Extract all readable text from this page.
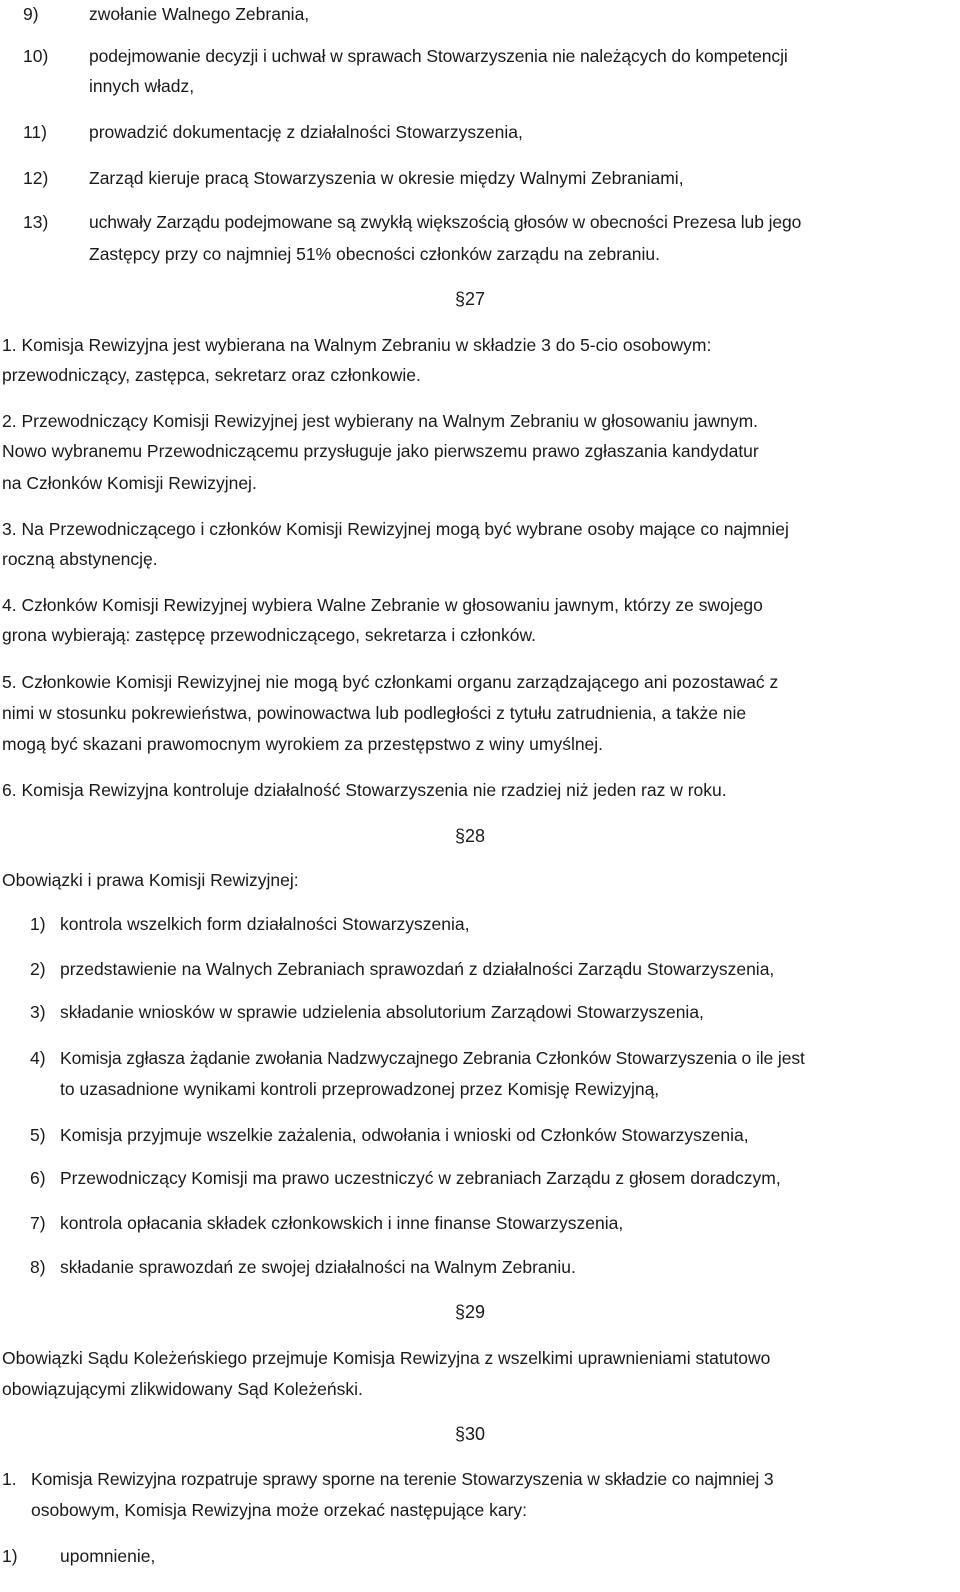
9)	zwołanie Walnego Zebrania,
10) podejmowanie decyzji i uchwał w sprawach Stowarzyszenia nie należących do kompetencji
innych władz,
11) prowadzić dokumentację z działalności Stowarzyszenia,
12) Zarząd kieruje pracą Stowarzyszenia w okresie między Walnymi Zebraniami,
13) uchwały Zarządu podejmowane są zwykłą większością głosów w obecności Prezesa lub jego
Zastępcy przy co najmniej 51% obecności członków zarządu na zebraniu.
§27
1. Komisja Rewizyjna jest wybierana na Walnym Zebraniu w składzie 3 do 5-cio osobowym:
przewodniczący, zastępca, sekretarz oraz członkowie.
2. Przewodniczący Komisji Rewizyjnej jest wybierany na Walnym Zebraniu w głosowaniu jawnym.
Nowo wybranemu Przewodniczącemu przysługuje jako pierwszemu prawo zgłaszania kandydatur
na Członków Komisji Rewizyjnej.
3. Na Przewodniczącego i członków Komisji Rewizyjnej mogą być wybrane osoby mające co najmniej
roczną abstynencję.
4. Członków Komisji Rewizyjnej wybiera Walne Zebranie w głosowaniu jawnym, którzy ze swojego
grona wybierają: zastępcę przewodniczącego, sekretarza i członków.
5. Członkowie Komisji Rewizyjnej nie mogą być członkami organu zarządzającego ani pozostawać z
nimi w stosunku pokrewieństwa, powinowactwa lub podległości z tytułu zatrudnienia, a także nie
mogą być skazani prawomocnym wyrokiem za przestępstwo z winy umyślnej.
6. Komisja Rewizyjna kontroluje działalność Stowarzyszenia nie rzadziej niż jeden raz w roku.
§28
Obowiązki i prawa Komisji Rewizyjnej:
1) kontrola wszelkich form działalności Stowarzyszenia,
2) przedstawienie na Walnych Zebraniach sprawozdań z działalności Zarządu Stowarzyszenia,
3) składanie wniosków w sprawie udzielenia absolutorium Zarządowi Stowarzyszenia,
4) Komisja zgłasza żądanie zwołania Nadzwyczajnego Zebrania Członków Stowarzyszenia o ile jest
to uzasadnione wynikami kontroli przeprowadzonej przez Komisję Rewizyjną,
5) Komisja przyjmuje wszelkie zażalenia, odwołania i wnioski od Członków Stowarzyszenia,
6) Przewodniczący Komisji ma prawo uczestniczyć w zebraniach Zarządu z głosem doradczym,
7) kontrola opłacania składek członkowskich i inne finanse Stowarzyszenia,
8) składanie sprawozdań ze swojej działalności na Walnym Zebraniu.
§29
Obowiązki Sądu Koleżeńskiego przejmuje Komisja Rewizyjna z wszelkimi uprawnieniami statutowo
obowiązującymi zlikwidowany Sąd Koleżeński.
§30
1. Komisja Rewizyjna rozpatruje sprawy sporne na terenie Stowarzyszenia w składzie co najmniej 3
osobowym, Komisja Rewizyjna może orzekać następujące kary:
1) upomnienie,
